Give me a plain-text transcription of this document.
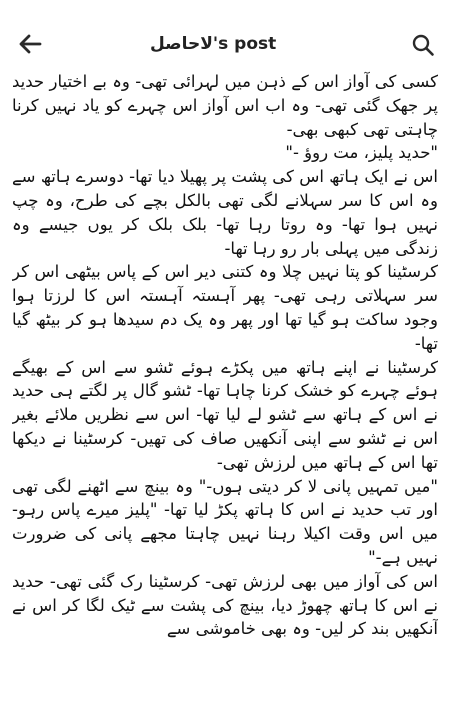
لاحاصل's post

کسی کی آواز اس کے ذہن میں لہرائی تھی- وہ بے اختیار حدید پر جھک گئی تھی- وہ اب اس آواز اس چہرے کو یاد نہیں کرنا چاہتی تھی کبھی بھی-

"حدید پلیز، مت روؤ -"

اس نے ایک ہاتھ اس کی پشت پر پھیلا دیا تھا- دوسرے ہاتھ سے وہ اس کا سر سہلانے لگی تھی بالکل بچے کی طرح، وہ چپ نہیں ہوا تھا- وہ روتا رہا تھا- بلک بلک کر یوں جیسے وہ زندگی میں پہلی بار رو رہا تھا-

کرسٹینا کو پتا نہیں چلا وہ کتنی دیر اس کے پاس بیٹھی اس کر سر سہلاتی رہی تھی- پھر آہستہ آہستہ اس کا لرزتا ہوا وجود ساکت ہو گیا تھا اور پھر وہ یک دم سیدھا ہو کر بیٹھ گیا تھا-

کرسٹینا نے اپنے ہاتھ میں پکڑے ہوئے ٹشو سے اس کے بھیگے ہوئے چہرے کو خشک کرنا چاہا تھا- ٹشو گال پر لگتے ہی حدید نے اس کے ہاتھ سے ٹشو لے لیا تھا- اس سے نظریں ملائے بغیر اس نے ٹشو سے اپنی آنکھیں صاف کی تھیں- کرسٹینا نے دیکھا تھا اس کے ہاتھ میں لرزش تھی-

"میں تمہیں پانی لا کر دیتی ہوں-" وہ بینچ سے اٹھنے لگی تھی اور تب حدید نے اس کا ہاتھ پکڑ لیا تھا- "پلیز میرے پاس رہو- میں اس وقت اکیلا رہنا نہیں چاہتا مجھے پانی کی ضرورت نہیں ہے-"

اس کی آواز میں بھی لرزش تھی- کرسٹینا رک گئی تھی- حدید نے اس کا ہاتھ چھوڑ دیا، بینچ کی پشت سے ٹیک لگا کر اس نے آنکھیں بند کر لیں- وہ بھی خاموشی سے
